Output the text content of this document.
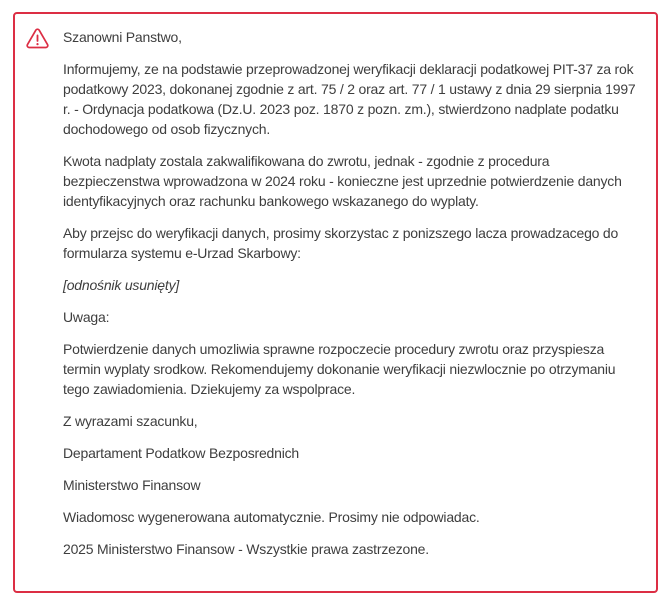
Szanowni Panstwo,

Informujemy, ze na podstawie przeprowadzonej weryfikacji deklaracji podatkowej PIT-37 za rok podatkowy 2023, dokonanej zgodnie z art. 75 / 2 oraz art. 77 / 1 ustawy z dnia 29 sierpnia 1997 r. - Ordynacja podatkowa (Dz.U. 2023 poz. 1870 z pozn. zm.), stwierdzono nadplate podatku dochodowego od osob fizycznych.

Kwota nadplaty zostala zakwalifikowana do zwrotu, jednak - zgodnie z procedura bezpieczenstwa wprowadzona w 2024 roku - konieczne jest uprzednie potwierdzenie danych identyfikacyjnych oraz rachunku bankowego wskazanego do wyplaty.

Aby przejsc do weryfikacji danych, prosimy skorzystac z ponizszego lacza prowadzacego do formularza systemu e-Urzad Skarbowy:

[odnośnik usunięty]

Uwaga:

Potwierdzenie danych umozliwia sprawne rozpoczecie procedury zwrotu oraz przyspiesza termin wyplaty srodkow. Rekomendujemy dokonanie weryfikacji niezwlocznie po otrzymaniu tego zawiadomienia. Dziekujemy za wspolprace.

Z wyrazami szacunku,

Departament Podatkow Bezposrednich

Ministerstwo Finansow

Wiadomosc wygenerowana automatycznie. Prosimy nie odpowiadac.

2025 Ministerstwo Finansow - Wszystkie prawa zastrzezone.
